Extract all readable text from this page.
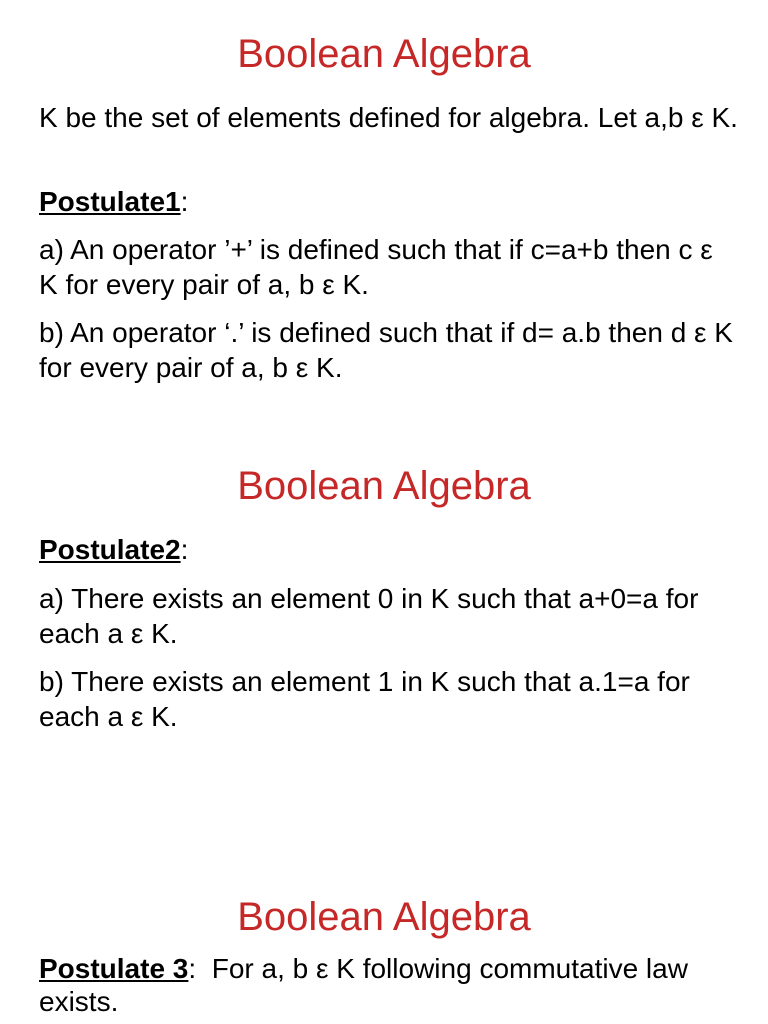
Boolean Algebra

K be the set of elements defined for algebra. Let a,b ε K.

Postulate1:

a) An operator ’+’ is defined such that if c=a+b then c ε K for every pair of a, b ε K.

b) An operator ‘.’ is defined such that if d= a.b then d ε K for every pair of a, b ε K.

Boolean Algebra

Postulate2:

a) There exists an element 0 in K such that a+0=a for each a ε K.

b) There exists an element 1 in K such that a.1=a for each a ε K.

Boolean Algebra

Postulate 3:  For a, b ε K following commutative law exists.
